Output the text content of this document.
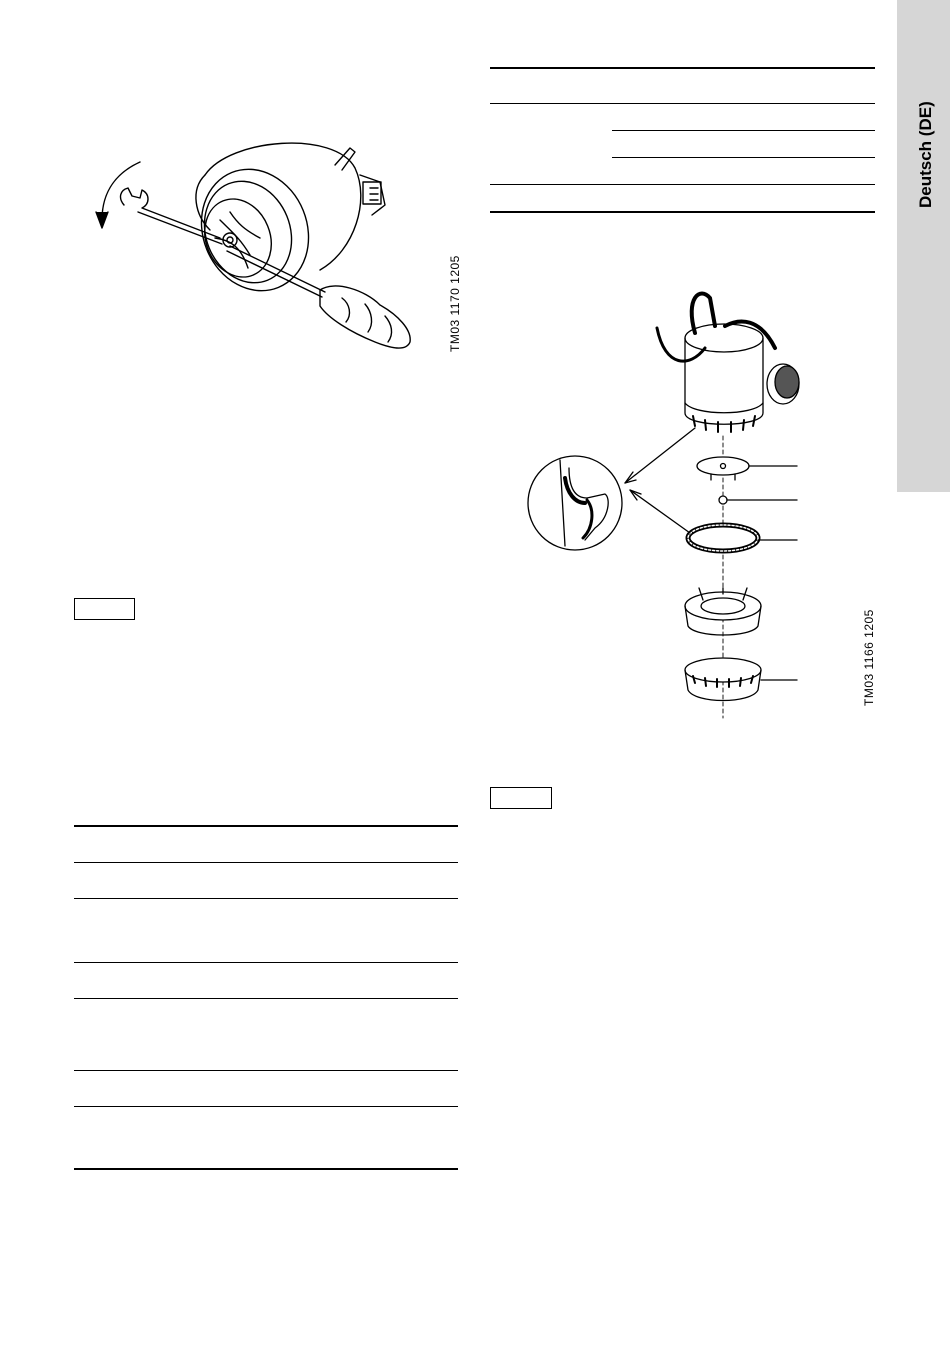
Deutsch (DE)
TM03 1170 1205
TM03 1166 1205
